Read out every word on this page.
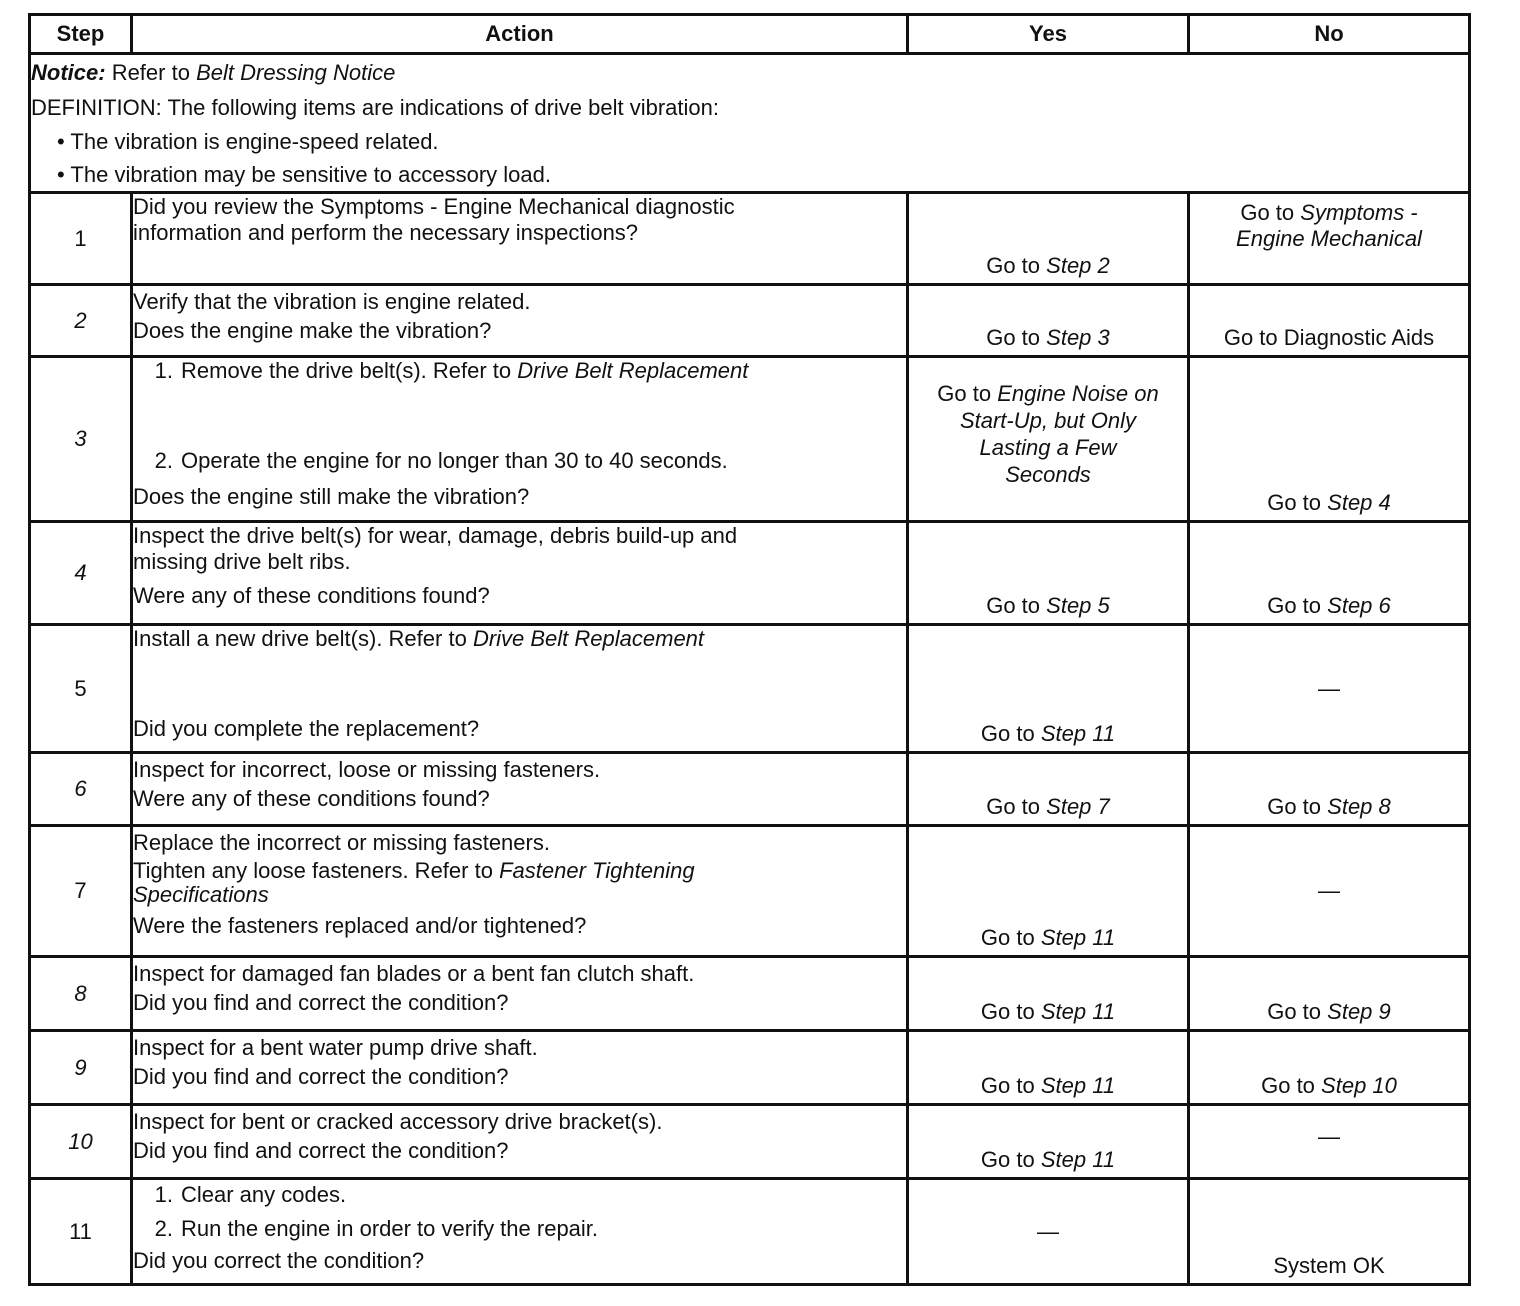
Step	Action	Yes	No

Notice: Refer to Belt Dressing Notice
DEFINITION: The following items are indications of drive belt vibration:
• The vibration is engine-speed related.
• The vibration may be sensitive to accessory load.			

1	Did you review the Symptoms - Engine Mechanical diagnostic
information and perform the necessary inspections?	Go to Step 2	Go to Symptoms -
Engine Mechanical

2	Verify that the vibration is engine related.
Does the engine make the vibration?	Go to Step 3	Go to Diagnostic Aids

3	1. Remove the drive belt(s). Refer to Drive Belt Replacement
2. Operate the engine for no longer than 30 to 40 seconds.
Does the engine still make the vibration?	Go to Engine Noise on
Start-Up, but Only
Lasting a Few
Seconds	Go to Step 4

4	Inspect the drive belt(s) for wear, damage, debris build-up and
missing drive belt ribs.
Were any of these conditions found?	Go to Step 5	Go to Step 6

5	Install a new drive belt(s). Refer to Drive Belt Replacement
Did you complete the replacement?	Go to Step 11	—

6	Inspect for incorrect, loose or missing fasteners.
Were any of these conditions found?	Go to Step 7	Go to Step 8

7	Replace the incorrect or missing fasteners.
Tighten any loose fasteners. Refer to Fastener Tightening
Specifications
Were the fasteners replaced and/or tightened?	Go to Step 11	—

8	Inspect for damaged fan blades or a bent fan clutch shaft.
Did you find and correct the condition?	Go to Step 11	Go to Step 9

9	Inspect for a bent water pump drive shaft.
Did you find and correct the condition?	Go to Step 11	Go to Step 10

10	Inspect for bent or cracked accessory drive bracket(s).
Did you find and correct the condition?	Go to Step 11	—

11	1. Clear any codes.
2. Run the engine in order to verify the repair.
Did you correct the condition?	—	System OK
